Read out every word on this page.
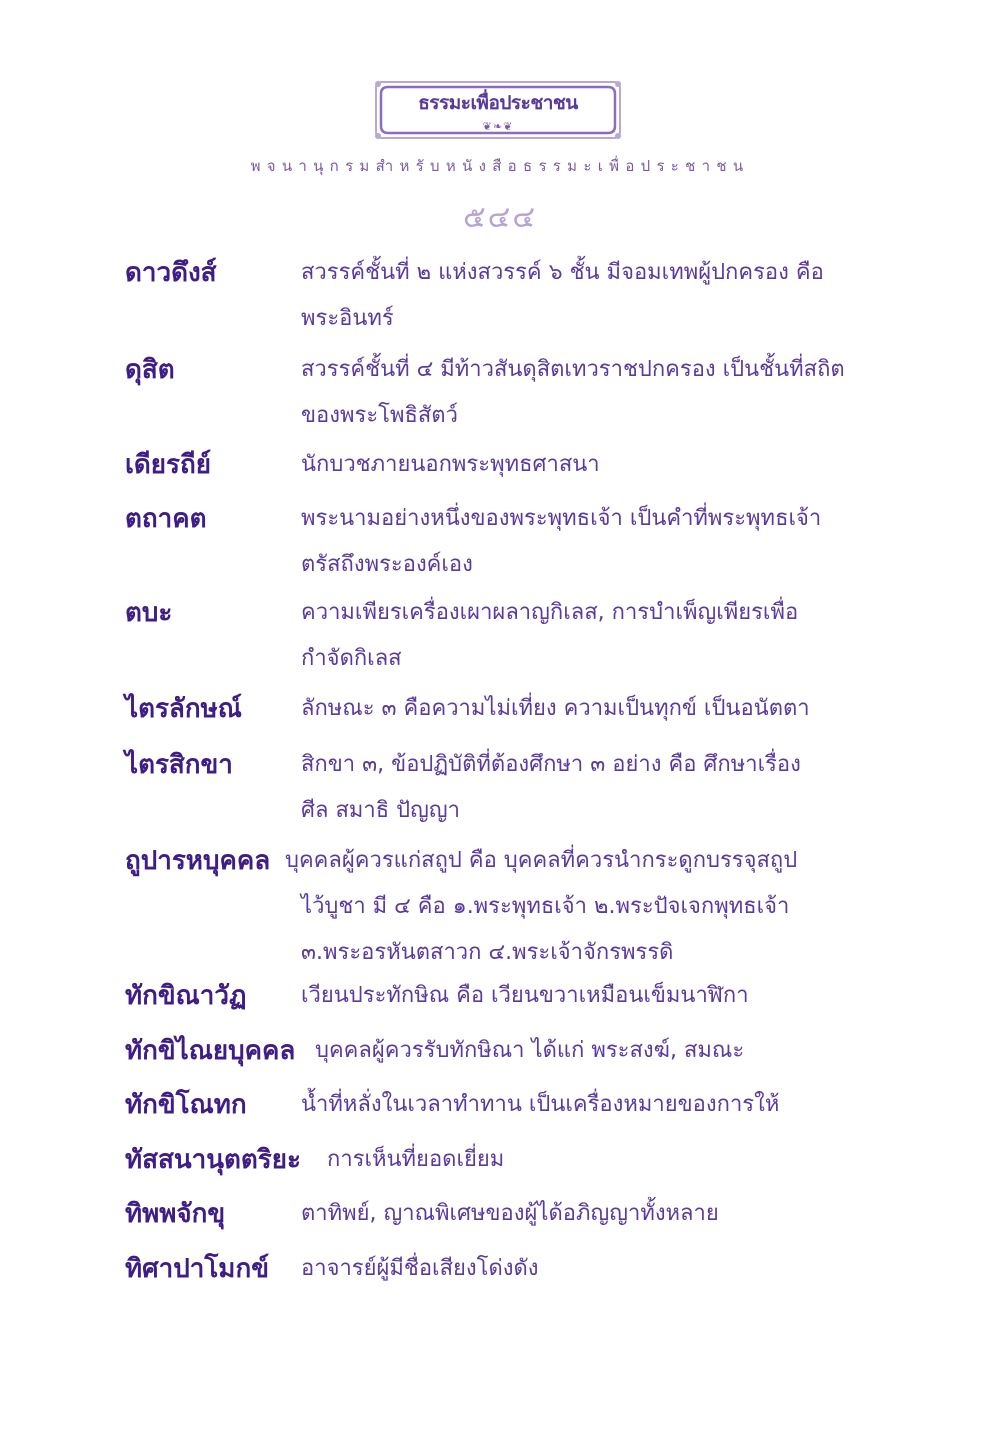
ธรรมะเพื่อประชาชน
❦❧❦
พจนานุกรมสำหรับหนังสือธรรมะเพื่อประชาชน
๕๔๔
ดาวดึงส์	สวรรค์ชั้นที่ ๒ แห่งสวรรค์ ๖ ชั้น มีจอมเทพผู้ปกครอง คือ
พระอินทร์
ดุสิต	สวรรค์ชั้นที่ ๔ มีท้าวสันดุสิตเทวราชปกครอง เป็นชั้นที่สถิต
ของพระโพธิสัตว์
เดียรถีย์	นักบวชภายนอกพระพุทธศาสนา
ตถาคต	พระนามอย่างหนึ่งของพระพุทธเจ้า เป็นคำที่พระพุทธเจ้า
ตรัสถึงพระองค์เอง
ตบะ	ความเพียรเครื่องเผาผลาญกิเลส, การบำเพ็ญเพียรเพื่อ
กำจัดกิเลส
ไตรลักษณ์	ลักษณะ ๓ คือความไม่เที่ยง ความเป็นทุกข์ เป็นอนัตตา
ไตรสิกขา	สิกขา ๓, ข้อปฏิบัติที่ต้องศึกษา ๓ อย่าง คือ ศึกษาเรื่อง
ศีล สมาธิ ปัญญา
ถูปารหบุคคล บุคคลผู้ควรแก่สถูป คือ บุคคลที่ควรนำกระดูกบรรจุสถูป
ไว้บูชา มี ๔ คือ ๑.พระพุทธเจ้า ๒.พระปัจเจกพุทธเจ้า
๓.พระอรหันตสาวก ๔.พระเจ้าจักรพรรดิ
ทักขิณาวัฏ เวียนประทักษิณ คือ เวียนขวาเหมือนเข็มนาฬิกา
ทักขิไณยบุคคล บุคคลผู้ควรรับทักษิณา ได้แก่ พระสงฆ์, สมณะ
ทักขิโณทก น้ำที่หลั่งในเวลาทำทาน เป็นเครื่องหมายของการให้
ทัสสนานุตตริยะ การเห็นที่ยอดเยี่ยม
ทิพพจักขุ	ตาทิพย์, ญาณพิเศษของผู้ได้อภิญญาทั้งหลาย
ทิศาปาโมกข์ อาจารย์ผู้มีชื่อเสียงโด่งดัง
